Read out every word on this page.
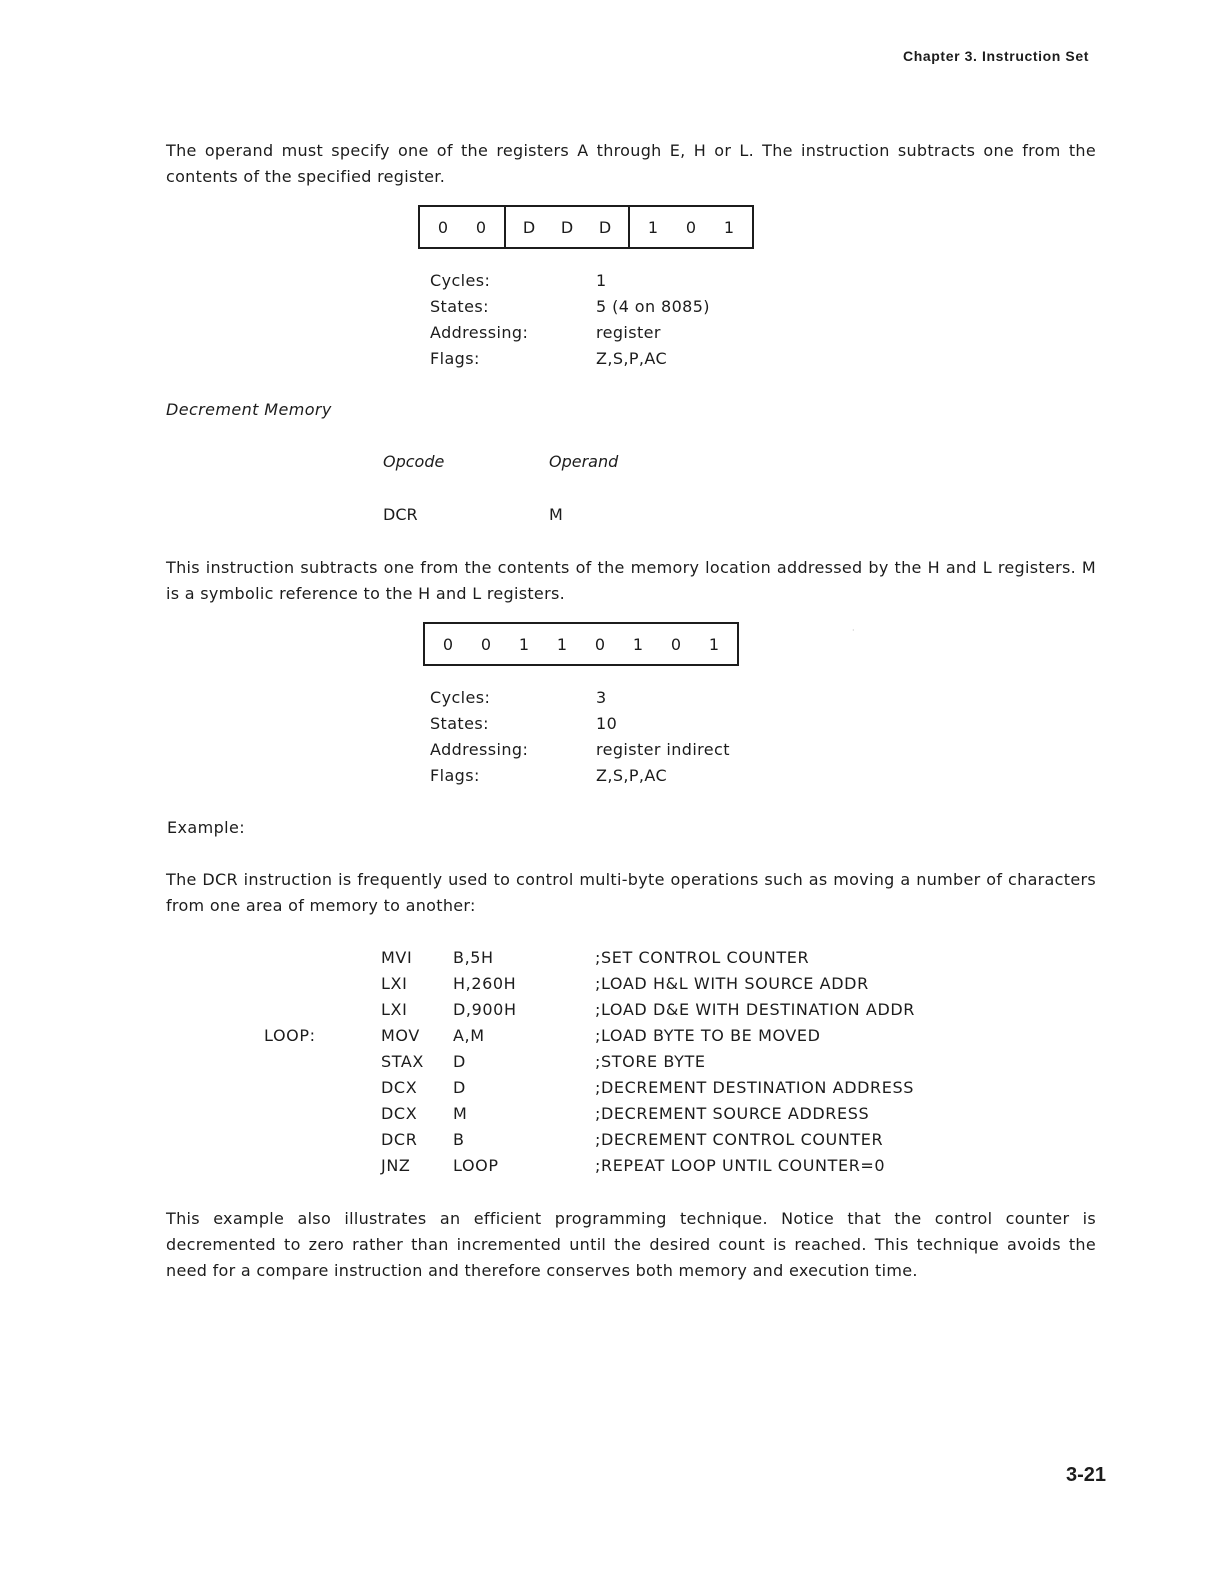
Chapter 3. Instruction Set

The operand must specify one of the registers A through E, H or L. The instruction subtracts one from the contents of the specified register.

0	0	D	D	D	1	0	1
Cycles:	1
States:	5 (4 on 8085)
Addressing:	register
Flags:	Z,S,P,AC
Decrement Memory
Opcode	Operand
DCR	M

This instruction subtracts one from the contents of the memory location addressed by the H and L registers. M is a symbolic reference to the H and L registers.

0	0	1	1	0	1	0	1
·
Cycles:	3
States:	10
Addressing:	register indirect
Flags:	Z,S,P,AC
Example:

The DCR instruction is frequently used to control multi-byte operations such as moving a number of characters from one area of memory to another:

MVI	B,5H	;SET CONTROL COUNTER
LXI	H,260H	;LOAD H&L WITH SOURCE ADDR
LXI	D,900H	;LOAD D&E WITH DESTINATION ADDR
LOOP:	MOV	A,M	;LOAD BYTE TO BE MOVED
STAX	D	;STORE BYTE
DCX	D	;DECREMENT DESTINATION ADDRESS
DCX	M	;DECREMENT SOURCE ADDRESS
DCR	B	;DECREMENT CONTROL COUNTER
JNZ	LOOP	;REPEAT LOOP UNTIL COUNTER=0

This example also illustrates an efficient programming technique. Notice that the control counter is decremented to zero rather than incremented until the desired count is reached. This technique avoids the need for a compare instruction and therefore conserves both memory and execution time.

3-21
